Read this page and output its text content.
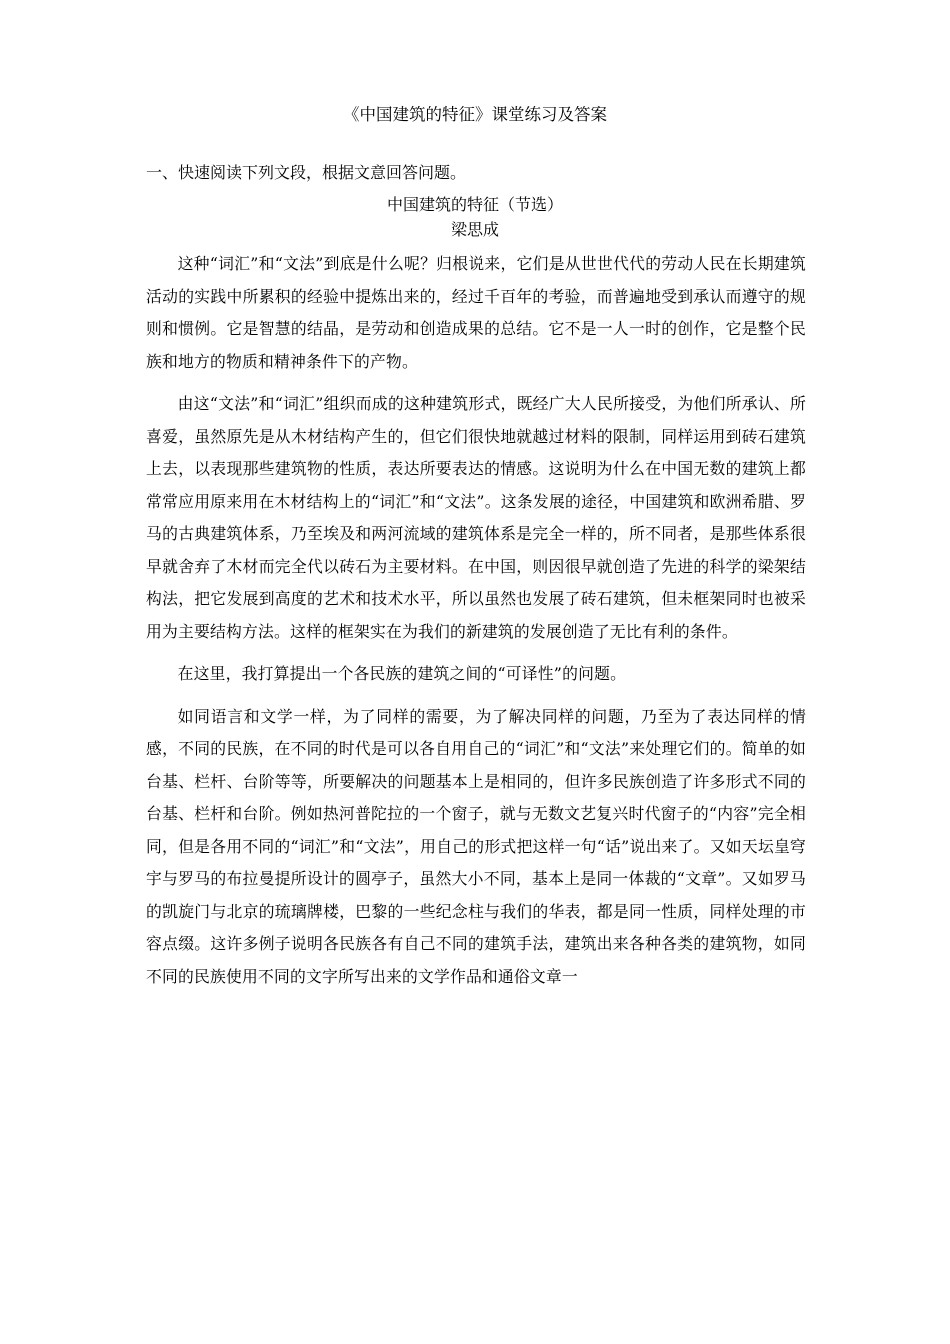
《中国建筑的特征》课堂练习及答案
一、快速阅读下列文段，根据文意回答问题。
中国建筑的特征（节选）
梁思成

这种“词汇”和“文法”到底是什么呢？归根说来，它们是从世世代代的劳动人民在长期建筑活动的实践中所累积的经验中提炼出来的，经过千百年的考验，而普遍地受到承认而遵守的规则和惯例。它是智慧的结晶，是劳动和创造成果的总结。它不是一人一时的创作，它是整个民族和地方的物质和精神条件下的产物。

由这“文法”和“词汇”组织而成的这种建筑形式，既经广大人民所接受，为他们所承认、所喜爱，虽然原先是从木材结构产生的，但它们很快地就越过材料的限制，同样运用到砖石建筑上去，以表现那些建筑物的性质，表达所要表达的情感。这说明为什么在中国无数的建筑上都常常应用原来用在木材结构上的“词汇”和“文法”。这条发展的途径，中国建筑和欧洲希腊、罗马的古典建筑体系，乃至埃及和两河流域的建筑体系是完全一样的，所不同者，是那些体系很早就舍弃了木材而完全代以砖石为主要材料。在中国，则因很早就创造了先进的科学的梁架结构法，把它发展到高度的艺术和技术水平，所以虽然也发展了砖石建筑，但未框架同时也被采用为主要结构方法。这样的框架实在为我们的新建筑的发展创造了无比有利的条件。

在这里，我打算提出一个各民族的建筑之间的“可译性”的问题。

如同语言和文学一样，为了同样的需要，为了解决同样的问题，乃至为了表达同样的情感，不同的民族，在不同的时代是可以各自用自己的“词汇”和“文法”来处理它们的。简单的如台基、栏杆、台阶等等，所要解决的问题基本上是相同的，但许多民族创造了许多形式不同的台基、栏杆和台阶。例如热河普陀拉的一个窗子，就与无数文艺复兴时代窗子的“内容”完全相同，但是各用不同的“词汇”和“文法”，用自己的形式把这样一句“话”说出来了。又如天坛皇穹宇与罗马的布拉曼提所设计的圆亭子，虽然大小不同，基本上是同一体裁的“文章”。又如罗马的凯旋门与北京的琉璃牌楼，巴黎的一些纪念柱与我们的华表，都是同一性质，同样处理的市容点缀。这许多例子说明各民族各有自己不同的建筑手法，建筑出来各种各类的建筑物，如同不同的民族使用不同的文字所写出来的文学作品和通俗文章一
